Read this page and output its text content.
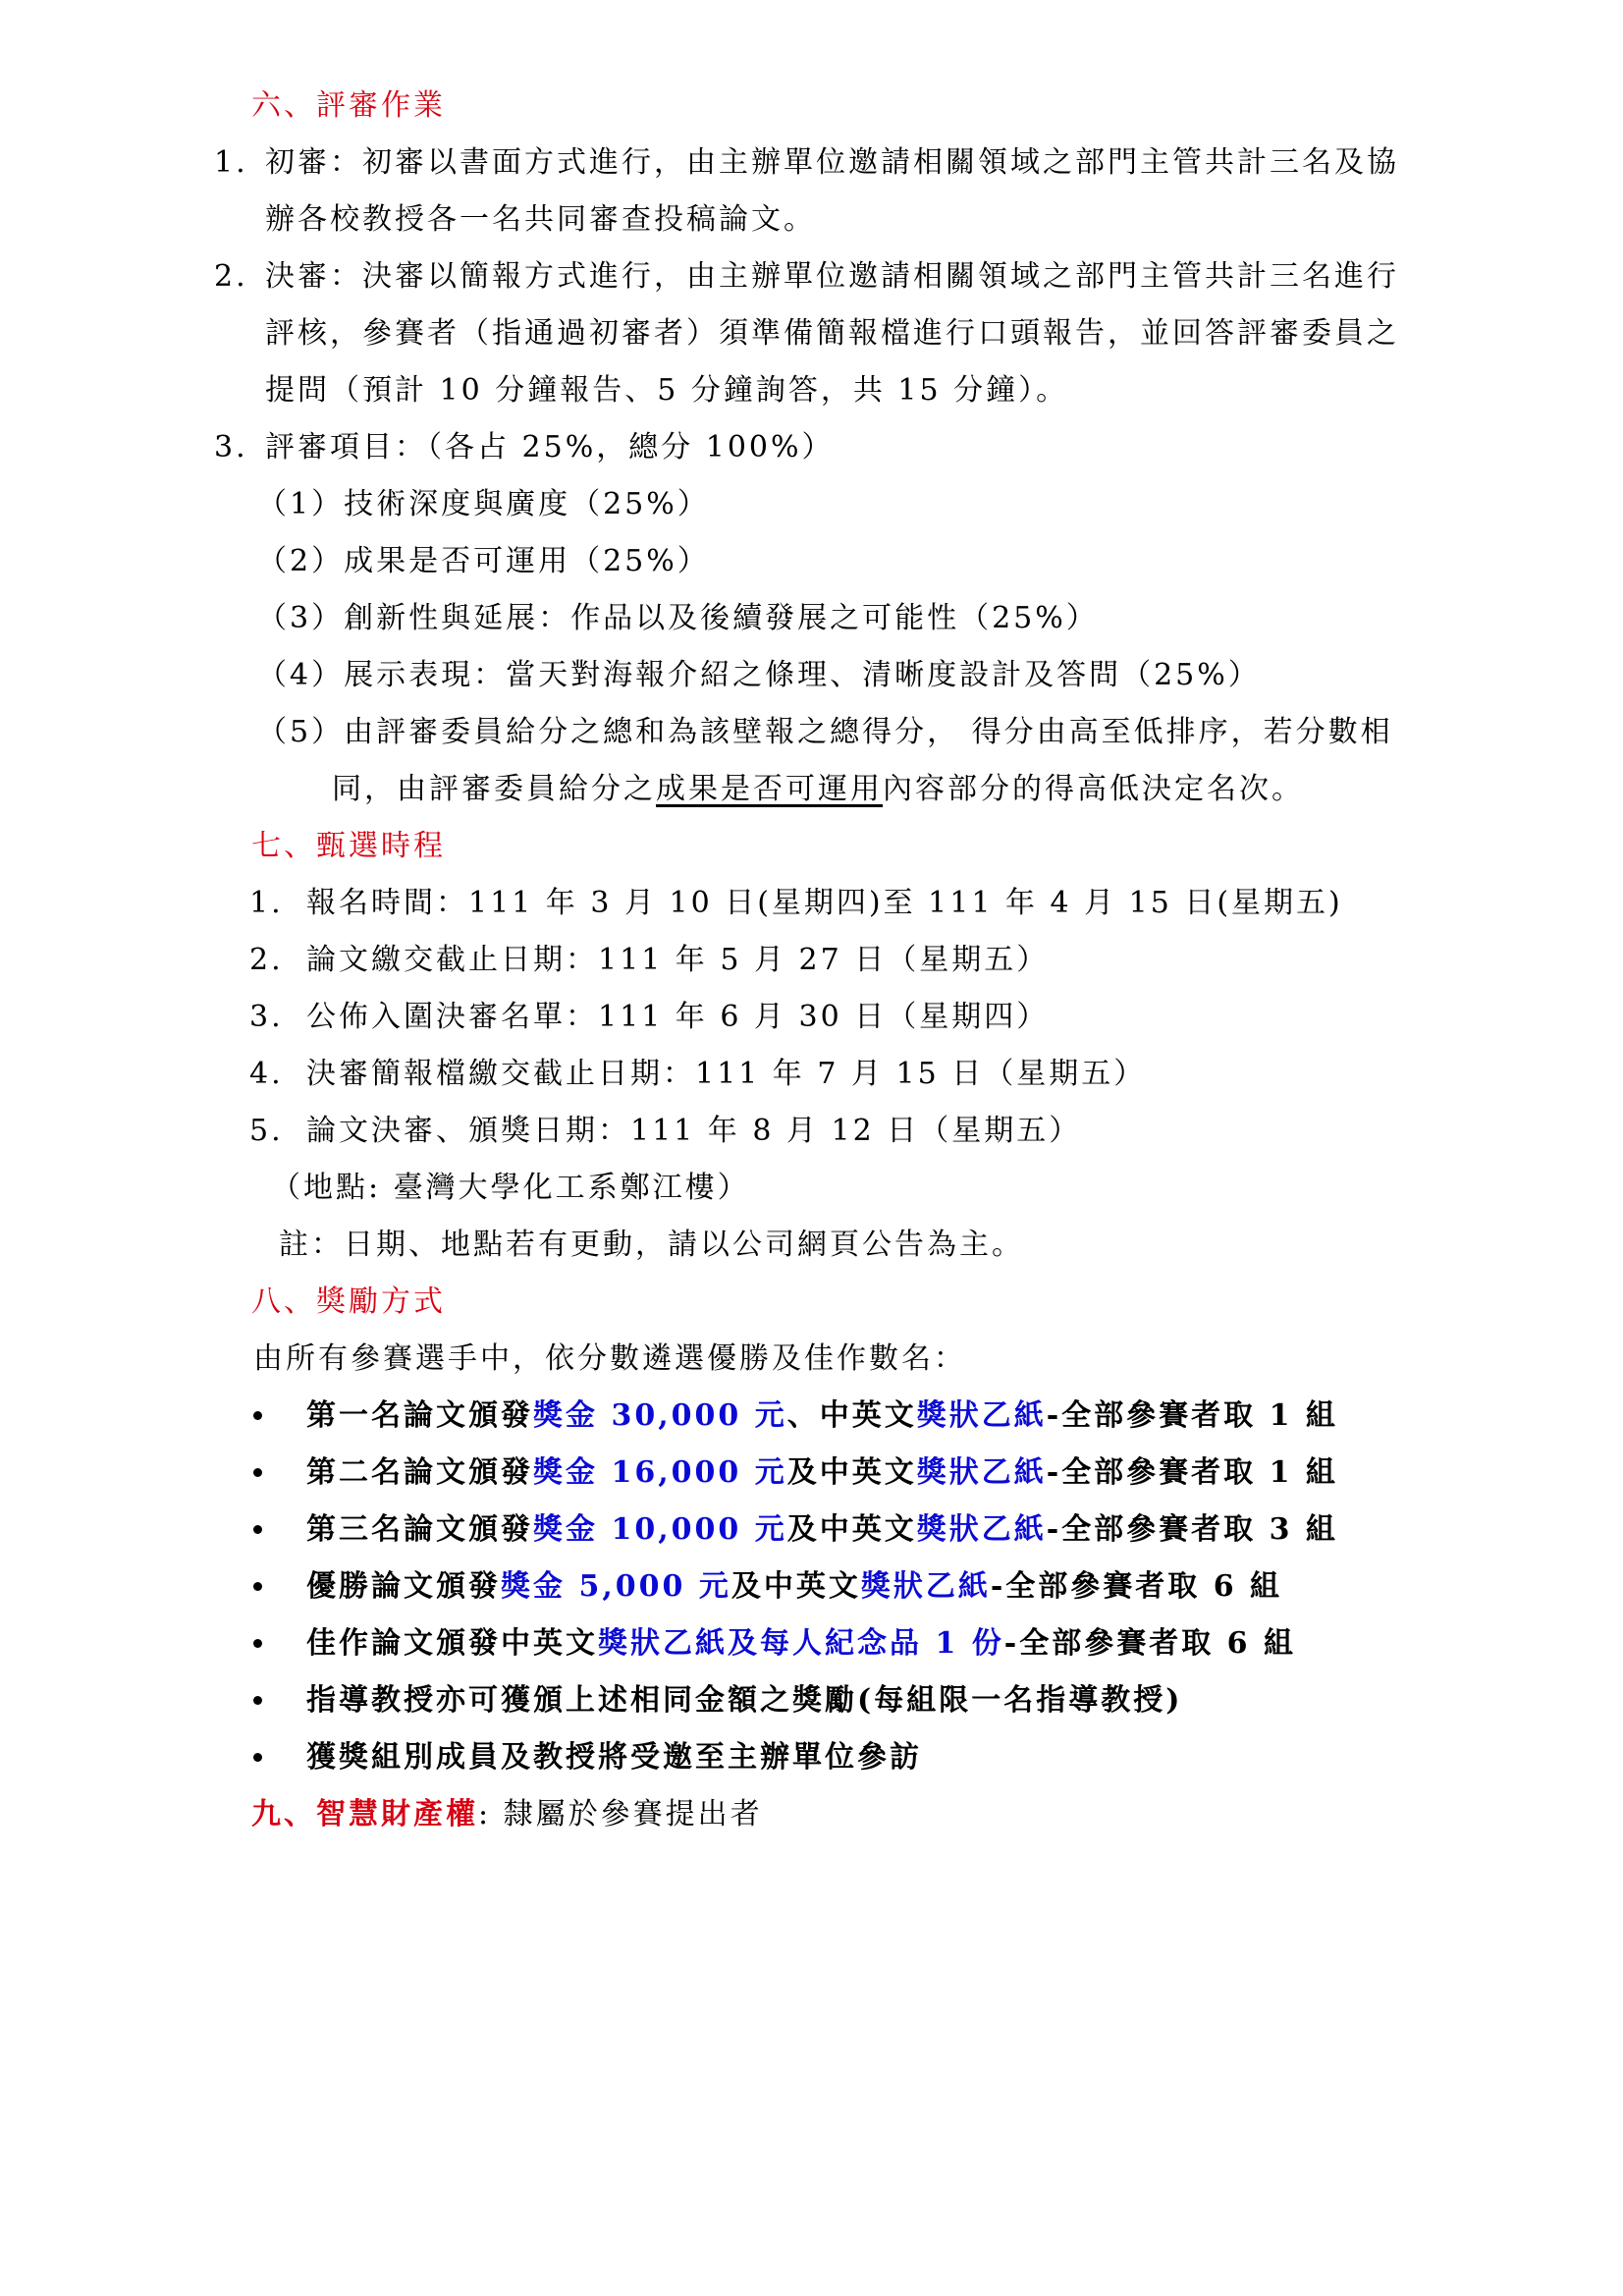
六、評審作業
1. 初審：初審以書面方式進行，由主辦單位邀請相關領域之部門主管共計三名及協
辦各校教授各一名共同審查投稿論文。
2. 決審：決審以簡報方式進行，由主辦單位邀請相關領域之部門主管共計三名進行
評核，參賽者（指通過初審者）須準備簡報檔進行口頭報告，並回答評審委員之
提問（預計 10 分鐘報告、5 分鐘詢答，共 15 分鐘）。
3. 評審項目：（各占 25%，總分 100%）
（1）技術深度與廣度（25%）
（2）成果是否可運用（25%）
（3）創新性與延展：作品以及後續發展之可能性（25%）
（4）展示表現：當天對海報介紹之條理、清晰度設計及答問（25%）
（5）由評審委員給分之總和為該壁報之總得分， 得分由高至低排序，若分數相
同，由評審委員給分之成果是否可運用內容部分的得高低決定名次。
七、甄選時程
1. 報名時間：111 年 3 月 10 日(星期四)至 111 年 4 月 15 日(星期五)
2. 論文繳交截止日期：111 年 5 月 27 日（星期五）
3. 公佈入圍決審名單：111 年 6 月 30 日（星期四）
4. 決審簡報檔繳交截止日期：111 年 7 月 15 日（星期五）
5. 論文決審、頒獎日期：111 年 8 月 12 日（星期五）
（地點: 臺灣大學化工系鄭江樓）
註：日期、地點若有更動，請以公司網頁公告為主。
八、獎勵方式
由所有參賽選手中，依分數遴選優勝及佳作數名：
第一名論文頒發獎金 30,000 元、中英文獎狀乙紙-全部參賽者取 1 組
第二名論文頒發獎金 16,000 元及中英文獎狀乙紙-全部參賽者取 1 組
第三名論文頒發獎金 10,000 元及中英文獎狀乙紙-全部參賽者取 3 組
優勝論文頒發獎金 5,000 元及中英文獎狀乙紙-全部參賽者取 6 組
佳作論文頒發中英文獎狀乙紙及每人紀念品 1 份-全部參賽者取 6 組
指導教授亦可獲頒上述相同金額之獎勵(每組限一名指導教授)
獲獎組別成員及教授將受邀至主辦單位參訪
九、智慧財產權: 隸屬於參賽提出者
